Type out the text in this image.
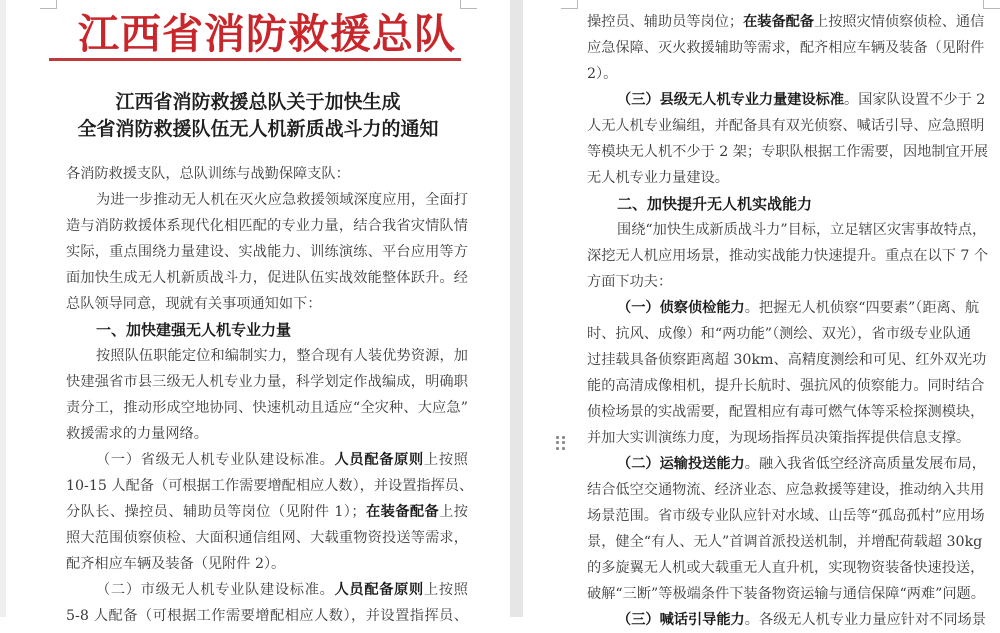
江西省消防救援总队
江西省消防救援总队关于加快生成
全省消防救援队伍无人机新质战斗力的通知
各消防救援支队，总队训练与战勤保障支队：
为进一步推动无人机在灭火应急救援领域深度应用，全面打
造与消防救援体系现代化相匹配的专业力量，结合我省灾情队情
实际，重点围绕力量建设、实战能力、训练演练、平台应用等方
面加快生成无人机新质战斗力，促进队伍实战效能整体跃升。经
总队领导同意，现就有关事项通知如下：
一、加快建强无人机专业力量
按照队伍职能定位和编制实力，整合现有人装优势资源，加
快建强省市县三级无人机专业力量，科学划定作战编成，明确职
责分工，推动形成空地协同、快速机动且适应“全灾种、大应急”
救援需求的力量网络。
（一）省级无人机专业队建设标准。人员配备原则上按照
10-15 人配备（可根据工作需要增配相应人数），并设置指挥员、
分队长、操控员、辅助员等岗位（见附件 1）；在装备配备上按
照大范围侦察侦检、大面积通信组网、大载重物资投送等需求，
配齐相应车辆及装备（见附件 2）。
（二）市级无人机专业队建设标准。人员配备原则上按照
5-8 人配备（可根据工作需要增配相应人数），并设置指挥员、
操控员、辅助员等岗位；在装备配备上按照灾情侦察侦检、通信
应急保障、灭火救援辅助等需求，配齐相应车辆及装备（见附件
2）。
（三）县级无人机专业力量建设标准。国家队设置不少于 2
人无人机专业编组，并配备具有双光侦察、喊话引导、应急照明
等模块无人机不少于 2 架；专职队根据工作需要，因地制宜开展
无人机专业力量建设。
二、加快提升无人机实战能力
围绕“加快生成新质战斗力”目标，立足辖区灾害事故特点，
深挖无人机应用场景，推动实战能力快速提升。重点在以下 7 个
方面下功夫：
（一）侦察侦检能力。把握无人机侦察“四要素”（距离、航
时、抗风、成像）和“两功能”（测绘、双光），省市级专业队通
过挂载具备侦察距离超 30km、高精度测绘和可见、红外双光功
能的高清成像相机，提升长航时、强抗风的侦察能力。同时结合
侦检场景的实战需要，配置相应有毒可燃气体等采检探测模块，
并加大实训演练力度，为现场指挥员决策指挥提供信息支撑。
（二）运输投送能力。融入我省低空经济高质量发展布局，
结合低空交通物流、经济业态、应急救援等建设，推动纳入共用
场景范围。省市级专业队应针对水域、山岳等“孤岛孤村”应用场
景，健全“有人、无人”首调首派投送机制，并增配荷载超 30kg
的多旋翼无人机或大载重无人直升机，实现物资装备快速投送，
破解“三断”等极端条件下装备物资运输与通信保障“两难”问题。
（三）喊话引导能力。各级无人机专业力量应针对不同场景
